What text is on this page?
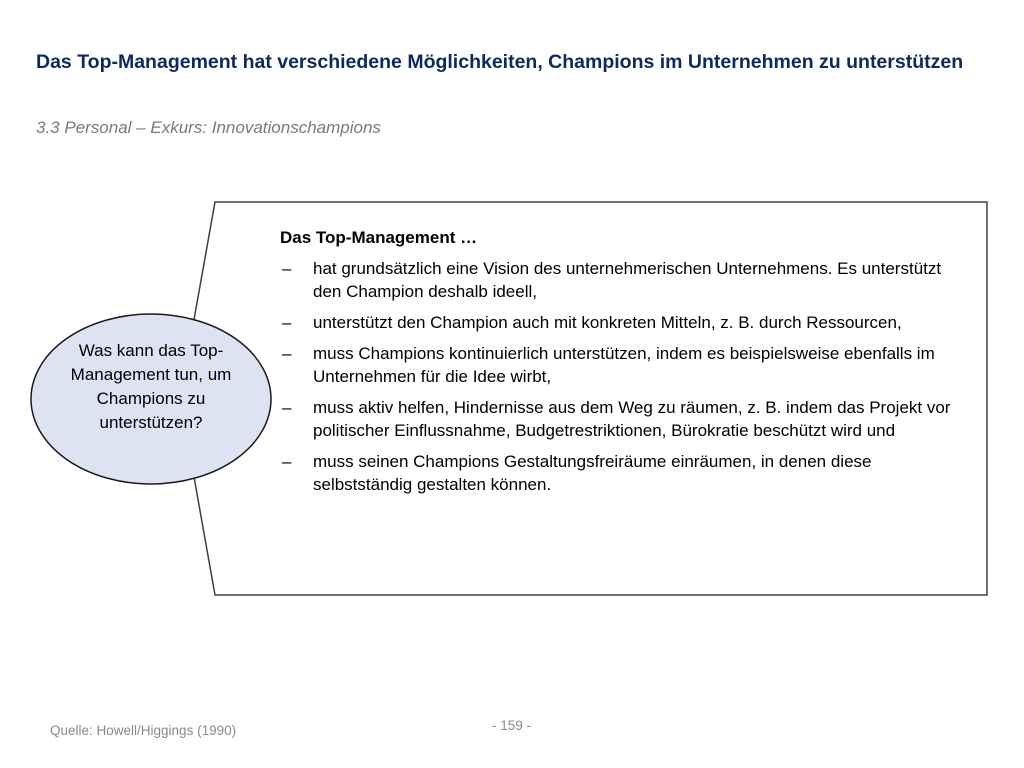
Das Top-Management hat verschiedene Möglichkeiten, Champions im Unternehmen zu unterstützen

3.3 Personal – Exkurs: Innovationschampions

Was kann das Top-Management tun, um Champions zu unterstützen?

Das Top-Management …

– hat grundsätzlich eine Vision des unternehmerischen Unternehmens. Es unterstützt den Champion deshalb ideell,
– unterstützt den Champion auch mit konkreten Mitteln, z. B. durch Ressourcen,
– muss Champions kontinuierlich unterstützen, indem es beispielsweise ebenfalls im Unternehmen für die Idee wirbt,
– muss aktiv helfen, Hindernisse aus dem Weg zu räumen, z. B. indem das Projekt vor politischer Einflussnahme, Budgetrestriktionen, Bürokratie beschützt wird und
– muss seinen Champions Gestaltungsfreiräume einräumen, in denen diese selbstständig gestalten können.

Quelle: Howell/Higgings (1990)	- 159 -
